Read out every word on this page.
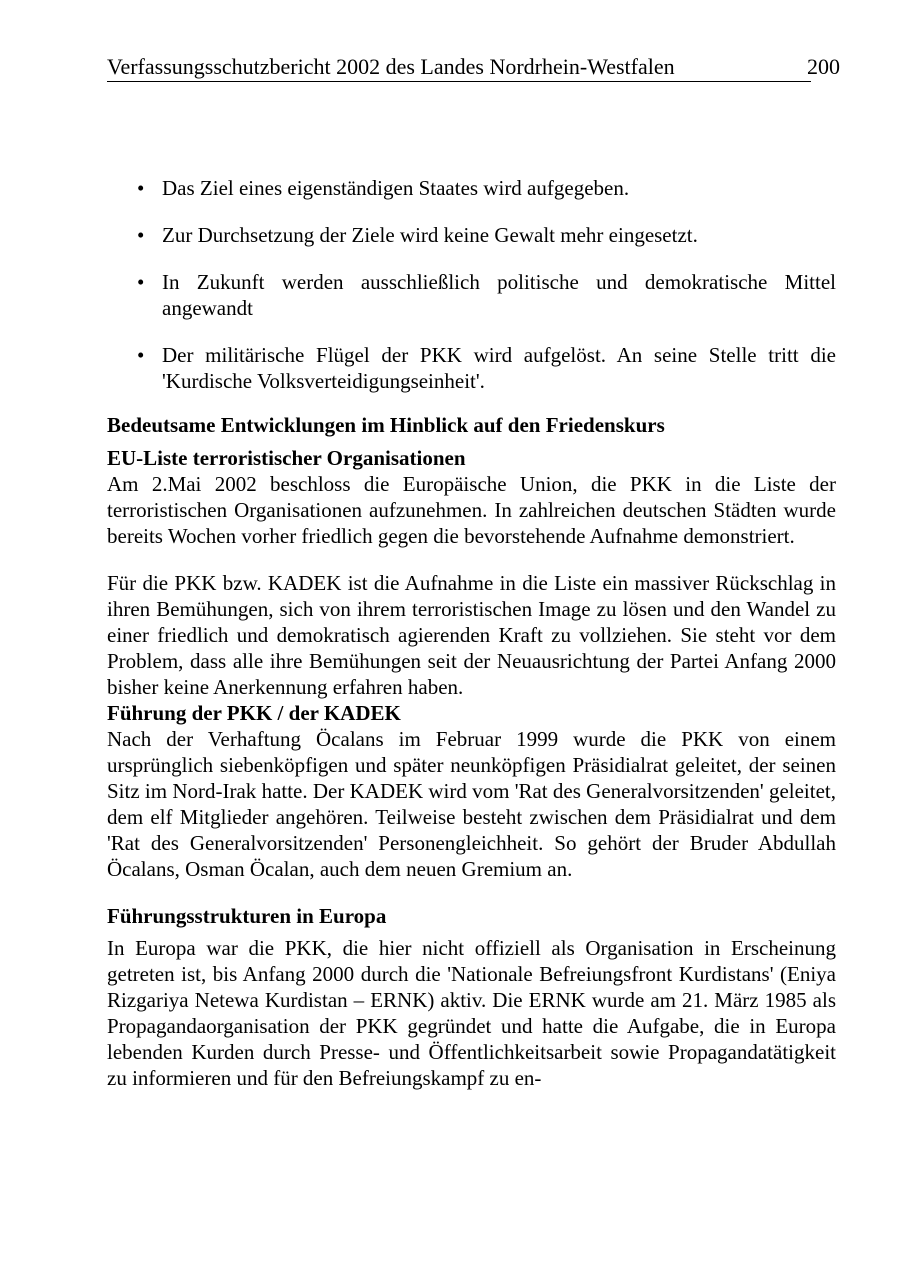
Verfassungsschutzbericht 2002 des Landes Nordrhein-Westfalen	200
• Das Ziel eines eigenständigen Staates wird aufgegeben.
• Zur Durchsetzung der Ziele wird keine Gewalt mehr eingesetzt.
• In Zukunft werden ausschließlich politische und demokratische Mittel angewandt
• Der militärische Flügel der PKK wird aufgelöst. An seine Stelle tritt die 'Kurdische Volksverteidigungseinheit'.
Bedeutsame Entwicklungen im Hinblick auf den Friedenskurs
EU-Liste terroristischer Organisationen

Am 2.Mai 2002 beschloss die Europäische Union, die PKK in die Liste der terroristischen Organisationen aufzunehmen. In zahlreichen deutschen Städten wurde bereits Wochen vorher friedlich gegen die bevorstehende Aufnahme demonstriert.

Für die PKK bzw. KADEK ist die Aufnahme in die Liste ein massiver Rückschlag in ihren Bemühungen, sich von ihrem terroristischen Image zu lösen und den Wandel zu einer friedlich und demokratisch agierenden Kraft zu vollziehen. Sie steht vor dem Problem, dass alle ihre Bemühungen seit der Neuausrichtung der Partei Anfang 2000 bisher keine Anerkennung erfahren haben.

Führung der PKK / der KADEK

Nach der Verhaftung Öcalans im Februar 1999 wurde die PKK von einem ursprünglich siebenköpfigen und später neunköpfigen Präsidialrat geleitet, der seinen Sitz im Nord-Irak hatte. Der KADEK wird vom 'Rat des Generalvorsitzenden' geleitet, dem elf Mitglieder angehören. Teilweise besteht zwischen dem Präsidialrat und dem 'Rat des Generalvorsitzenden' Personengleichheit. So gehört der Bruder Abdullah Öcalans, Osman Öcalan, auch dem neuen Gremium an.

Führungsstrukturen in Europa

In Europa war die PKK, die hier nicht offiziell als Organisation in Erscheinung getreten ist, bis Anfang 2000 durch die 'Nationale Befreiungsfront Kurdistans' (Eniya Rizgariya Netewa Kurdistan – ERNK) aktiv. Die ERNK wurde am 21. März 1985 als Propagandaorganisation der PKK gegründet und hatte die Aufgabe, die in Europa lebenden Kurden durch Presse- und Öffentlichkeitsarbeit sowie Propagandatätigkeit zu informieren und für den Befreiungskampf zu en-
